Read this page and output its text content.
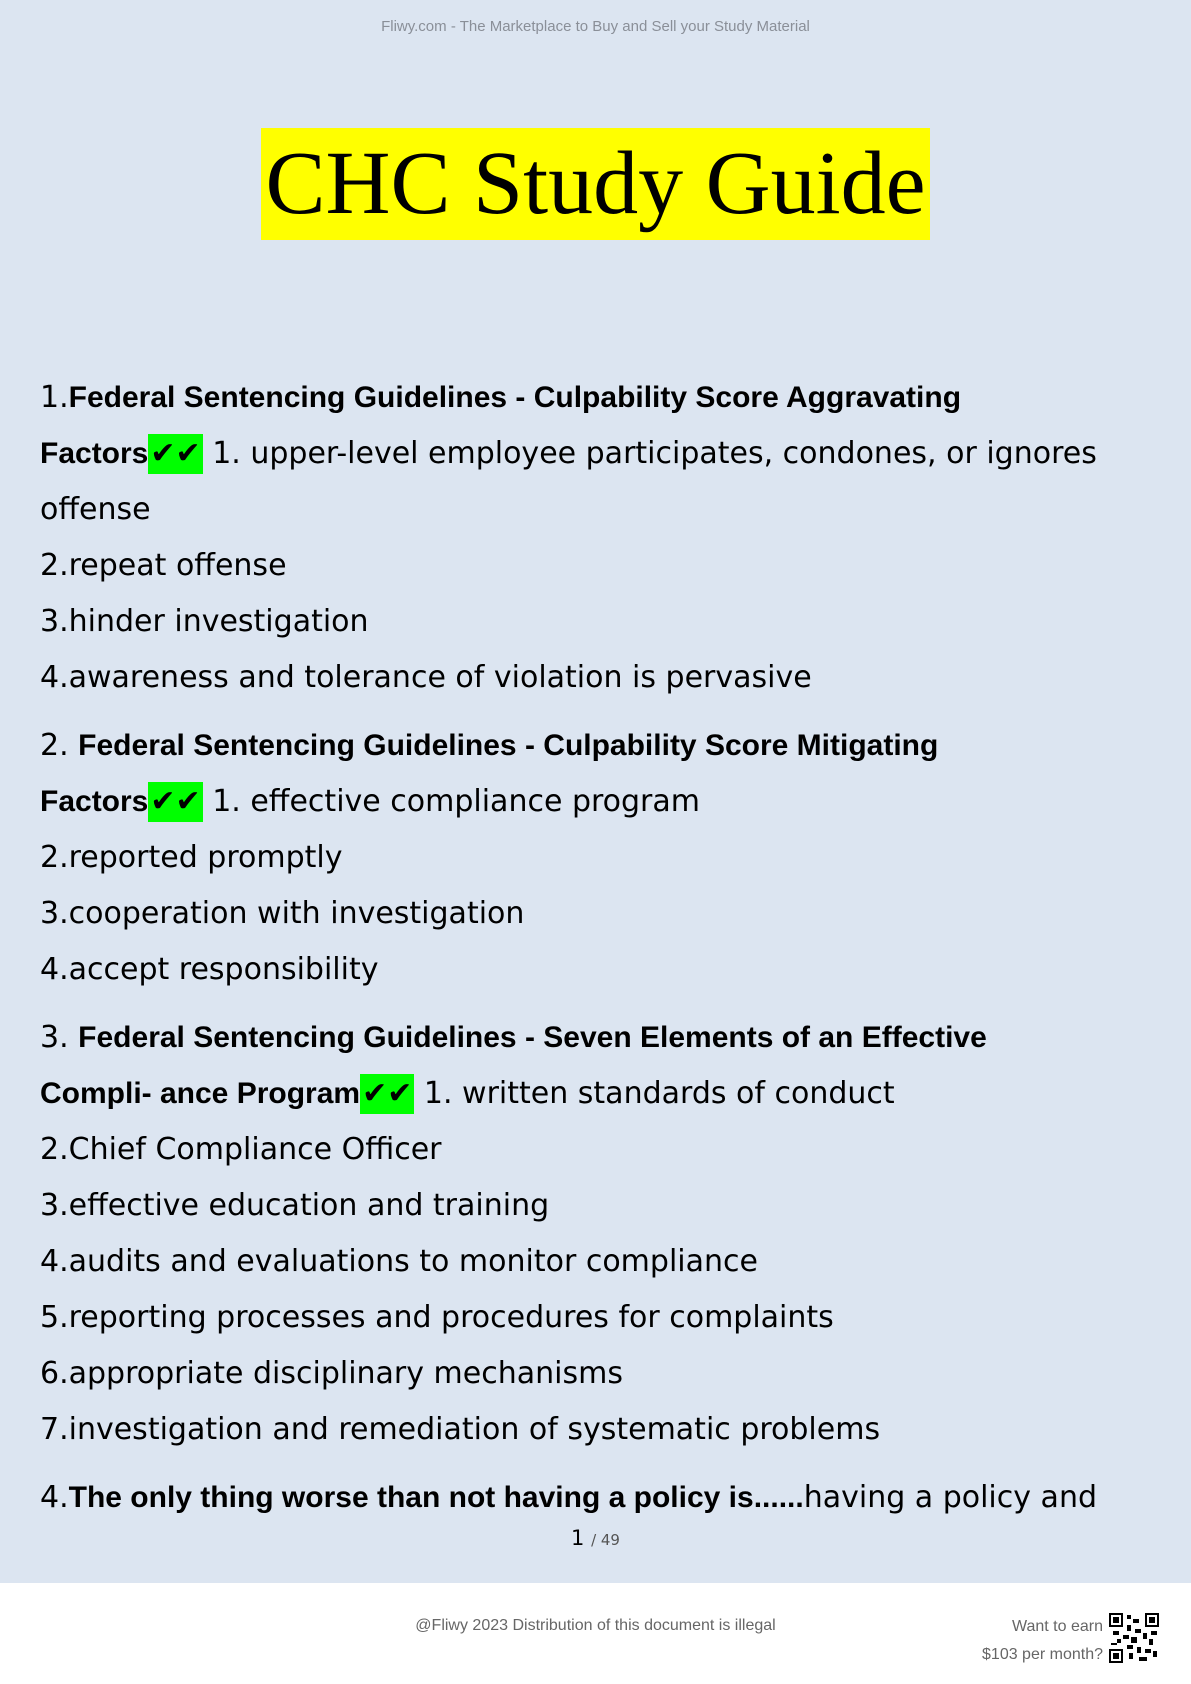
Fliwy.com - The Marketplace to Buy and Sell your Study Material
CHC Study Guide
1.Federal Sentencing Guidelines - Culpability Score Aggravating
Factors✔✔ 1. upper-level employee participates, condones, or ignores
offense
2.repeat offense
3.hinder investigation
4.awareness and tolerance of violation is pervasive
2. Federal Sentencing Guidelines - Culpability Score Mitigating
Factors✔✔ 1. effective compliance program
2.reported promptly
3.cooperation with investigation
4.accept responsibility
3. Federal Sentencing Guidelines - Seven Elements of an Effective
Compli- ance Program✔✔ 1. written standards of conduct
2.Chief Compliance Officer
3.effective education and training
4.audits and evaluations to monitor compliance
5.reporting processes and procedures for complaints
6.appropriate disciplinary mechanisms
7.investigation and remediation of systematic problems
4.The only thing worse than not having a policy is......having a policy and
1 / 49
@Fliwy 2023 Distribution of this document is illegal	Want to earn
$103 per month?
